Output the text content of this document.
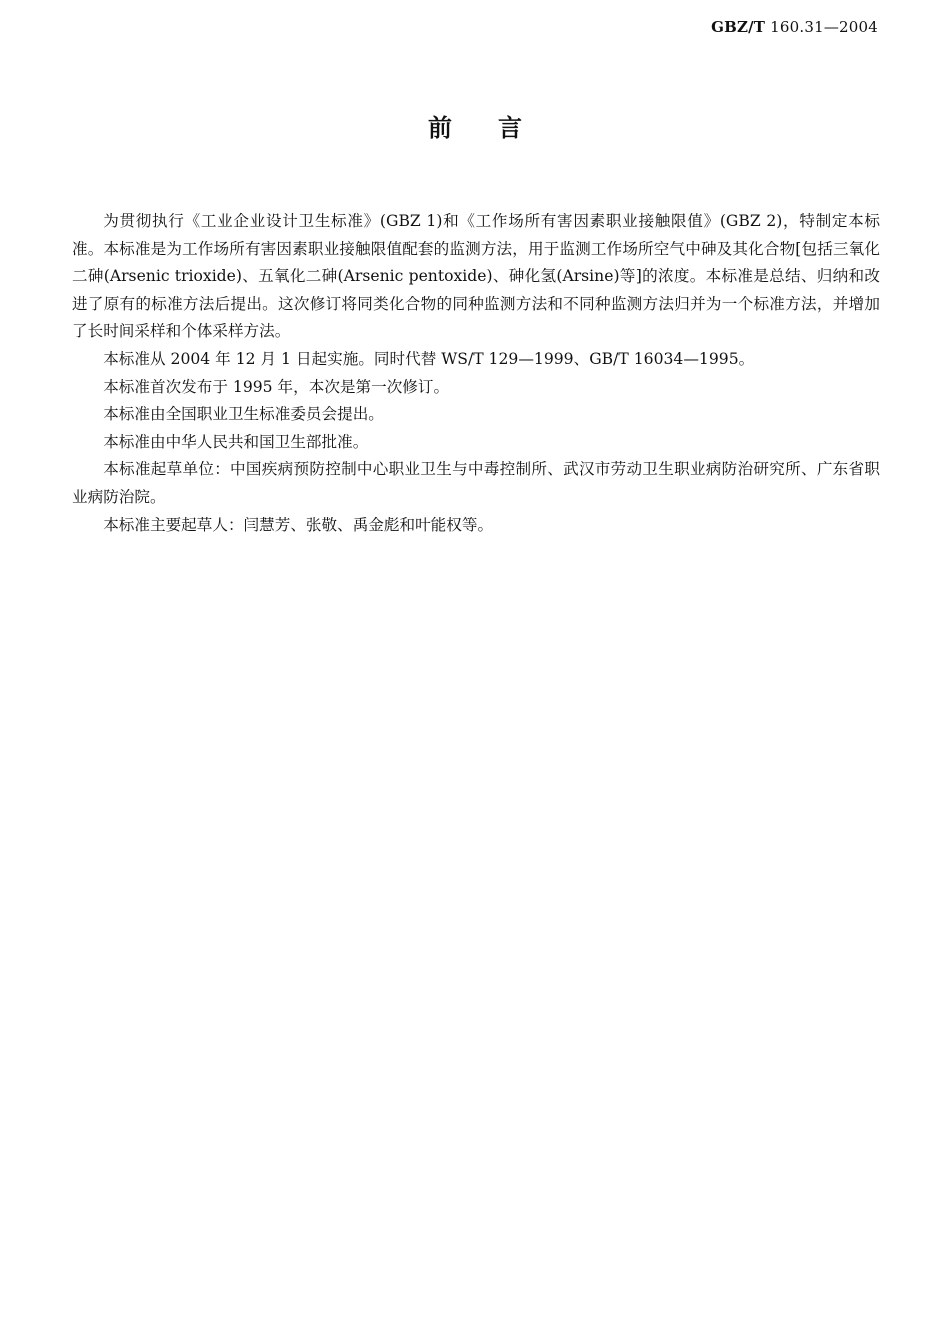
GBZ/T 160.31—2004
前言

为贯彻执行《工业企业设计卫生标准》(GBZ 1)和《工作场所有害因素职业接触限值》(GBZ 2)，特制定本标准。本标准是为工作场所有害因素职业接触限值配套的监测方法，用于监测工作场所空气中砷及其化合物[包括三氧化二砷(Arsenic trioxide)、五氧化二砷(Arsenic pentoxide)、砷化氢(Arsine)等]的浓度。本标准是总结、归纳和改进了原有的标准方法后提出。这次修订将同类化合物的同种监测方法和不同种监测方法归并为一个标准方法，并增加了长时间采样和个体采样方法。

本标准从 2004 年 12 月 1 日起实施。同时代替 WS/T 129—1999、GB/T 16034—1995。

本标准首次发布于 1995 年，本次是第一次修订。

本标准由全国职业卫生标准委员会提出。

本标准由中华人民共和国卫生部批准。

本标准起草单位：中国疾病预防控制中心职业卫生与中毒控制所、武汉市劳动卫生职业病防治研究所、广东省职业病防治院。

本标准主要起草人：闫慧芳、张敬、禹金彪和叶能权等。
